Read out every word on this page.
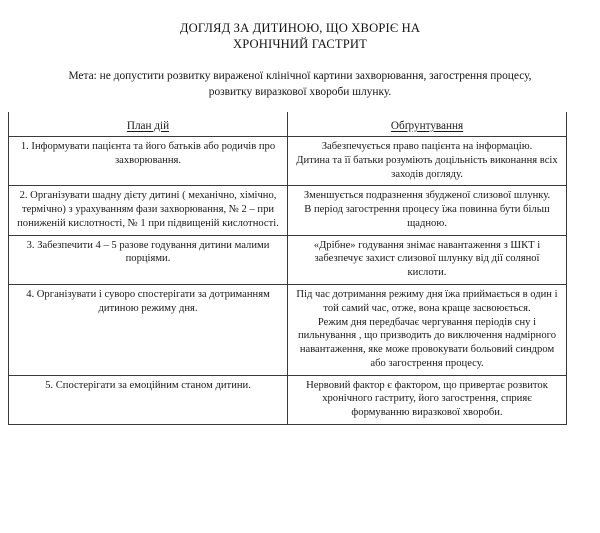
ДОГЛЯД ЗА ДИТИНОЮ, ЩО ХВОРІЄ НА
ХРОНІЧНИЙ ГАСТРИТ
Мета: не допустити розвитку вираженої клінічної картини захворювання, загострення процесу,
розвитку виразкової хвороби шлунку.
План дій	Обґрунтування

1. Інформувати пацієнта та його батьків або родичів про захворювання.	Забезпечується право пацієнта на інформацію.
Дитина та її батьки розуміють доцільність виконання всіх заходів догляду.

2. Організувати шадну дієту дитині ( механічно, хімічно, термічно) з урахуванням фази захворювання, № 2 – при пониженій кислотності, № 1 при підвищеній кислотності.	Зменшується подразнення збудженої слизової шлунку.
В період загострення процесу їжа повинна бути більш щадною.

3. Забезпечити 4 – 5 разове годування дитини малими порціями.	«Дрібне» годування знімає навантаження з ШКТ і забезпечує захист слизової шлунку від дії соляної кислоти.

4. Організувати і суворо спостерігати за дотриманням дитиною режиму дня.	Під час дотримання режиму дня їжа приймається в один і той самий час, отже, вона краще засвоюється.
Режим дня передбачає чергування періодів сну і пильнування , що призводить до виключення надмірного навантаження, яке може провокувати больовий синдром або загострення процесу.

5. Спостерігати за емоційним станом дитини.	Нервовий фактор є фактором, що привертає розвиток хронічного гастриту, його загострення, сприяє формуванню виразкової хвороби.
